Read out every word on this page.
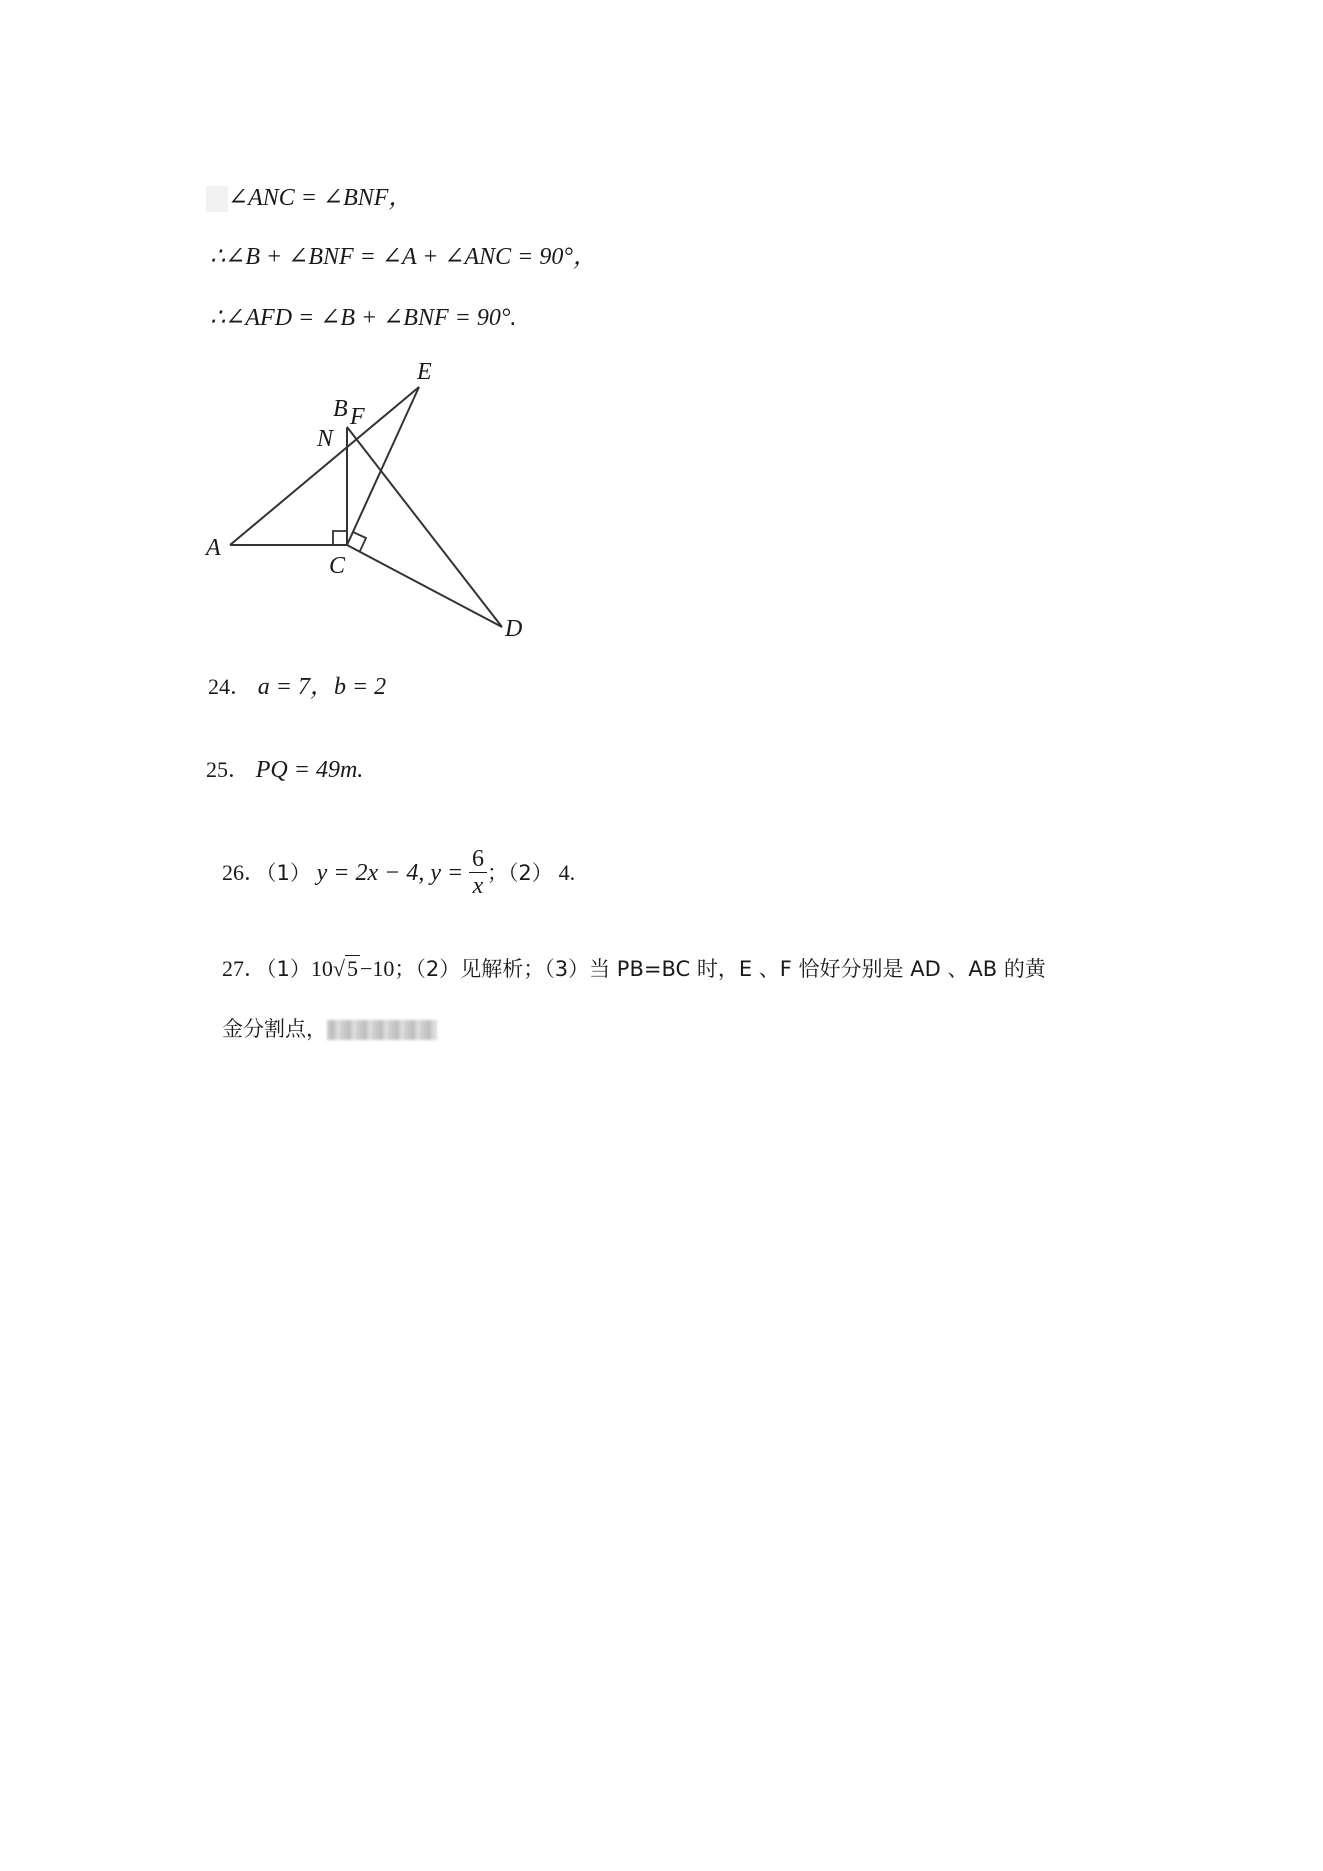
∠ANC = ∠BNF，
∴∠B + ∠BNF = ∠A + ∠ANC = 90°，
∴∠AFD = ∠B + ∠BNF = 90°.
A
B
C
D
E
F
N
24． a = 7，b = 2
25． PQ = 49m.
26．（1） y = 2x − 4, $y = \frac{6}{x}$ ；（2） 4.
27．（1）10√5−10；（2）见解析；（3）当 PB=BC 时，E 、F 恰好分别是 AD 、AB 的黄
金分割点，
